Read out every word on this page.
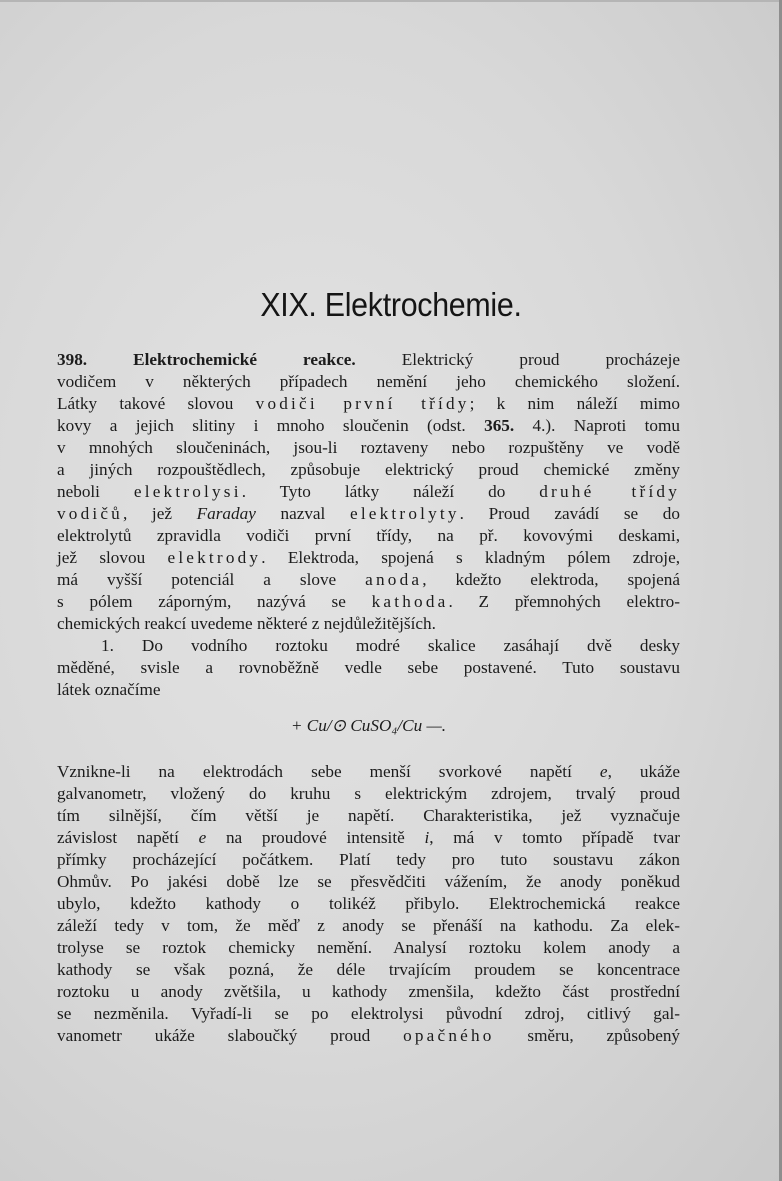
XIX. Elektrochemie.
398.	Elektrochemické reakce.	Elektrický proud procházeje
vodičem v některých případech nemění jeho chemického složení.
Látky takové slovou vodiči první třídy; k nim náleží mimo
kovy a jejich slitiny i mnoho sloučenin (odst. 365. 4.). Naproti tomu
v mnohých sloučeninách, jsou-li roztaveny nebo rozpuštěny ve vodě
a jiných rozpouštědlech, způsobuje elektrický proud chemické změny
neboli elektrolysi. Tyto látky náleží do druhé třídy
vodičů, jež Faraday nazval elektrolyty. Proud zavádí se do
elektrolytů zpravidla vodiči první třídy, na př. kovovými deskami,
jež slovou elektrody. Elektroda, spojená s kladným pólem zdroje,
má vyšší potenciál a slove anoda, kdežto elektroda, spojená
s pólem záporným, nazývá se kathoda. Z přemnohých elektro-
chemických reakcí uvedeme některé z nejdůležitějších.
1. Do vodního roztoku modré skalice zasáhají dvě desky
měděné, svisle a rovnoběžně vedle sebe postavené. Tuto soustavu
látek označíme
+ Cu/⊙ CuSO₄/Cu —.
Vznikne-li na elektrodách sebe menší svorkové napětí e, ukáže
galvanometr, vložený do kruhu s elektrickým zdrojem, trvalý proud
tím silnější, čím větší je napětí. Charakteristika, jež vyznačuje
závislost napětí e na proudové intensitě i, má v tomto případě tvar
přímky procházející počátkem. Platí tedy pro tuto soustavu zákon
Ohmův. Po jakési době lze se přesvědčiti vážením, že anody poněkud
ubylo, kdežto kathody o tolikéž přibylo. Elektrochemická reakce
záleží tedy v tom, že měď z anody se přenáší na kathodu. Za elek-
trolyse se roztok chemicky nemění. Analysí roztoku kolem anody a
kathody se však pozná, že déle trvajícím proudem se koncentrace
roztoku u anody zvětšila, u kathody zmenšila, kdežto část prostřední
se nezměnila. Vyřadí-li se po elektrolysi původní zdroj, citlivý gal-
vanometr ukáže slaboučký proud opačného směru, způsobený
